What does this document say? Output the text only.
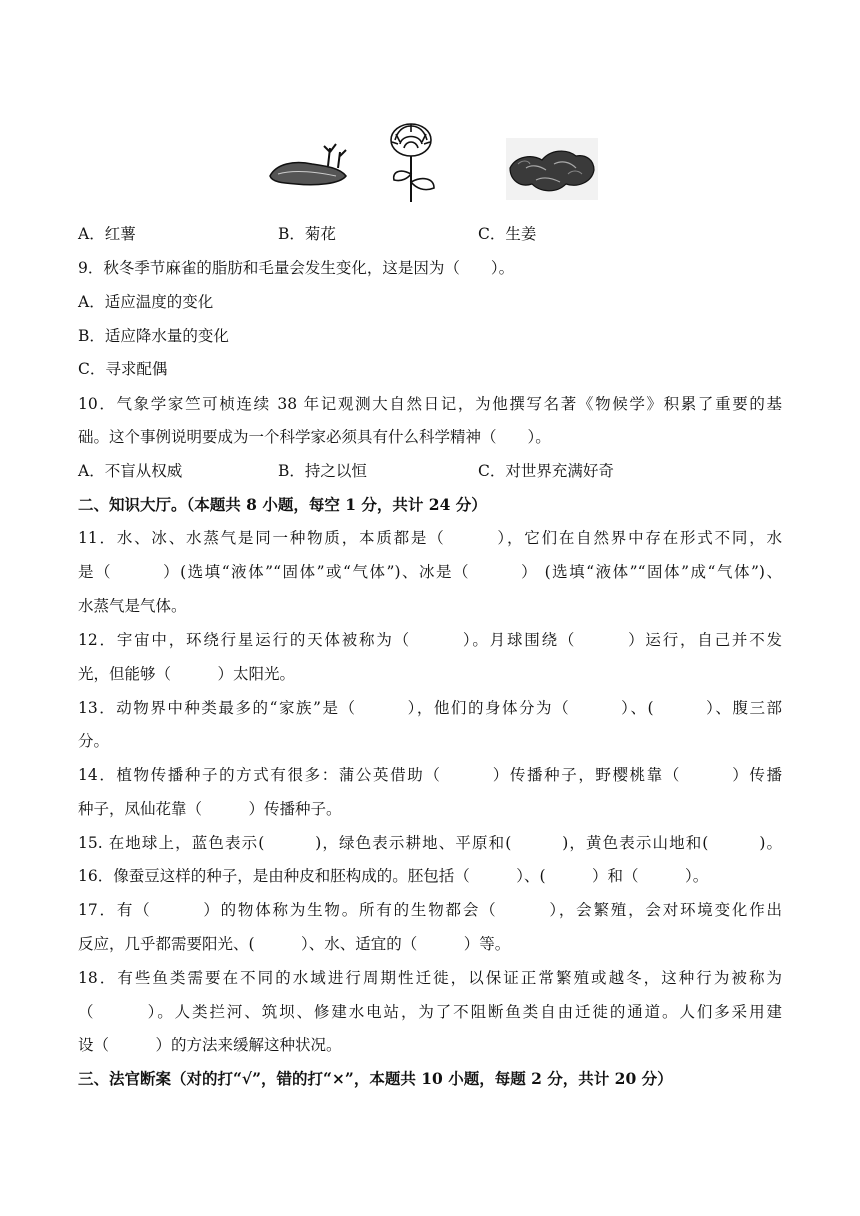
A．红薯	B．菊花	C．生姜
9．秋冬季节麻雀的脂肪和毛量会发生变化，这是因为（　　）。
A．适应温度的变化
B．适应降水量的变化
C．寻求配偶
10．气象学家竺可桢连续 38 年记观测大自然日记，为他撰写名著《物候学》积累了重要的基
础。这个事例说明要成为一个科学家必须具有什么科学精神（　　）。
A．不盲从权威	B．持之以恒	C．对世界充满好奇
二、知识大厅。（本题共 8 小题，每空 1 分，共计 24 分）
11．水、冰、水蒸气是同一种物质，本质都是（　　　），它们在自然界中存在形式不同，水
是（　　　）(选填“液体”“固体”或“气体”)、冰是（　　　） (选填“液体”“固体”成“气体”)、
水蒸气是气体。
12．宇宙中，环绕行星运行的天体被称为（　　　）。月球围绕（　　　）运行，自己并不发
光，但能够（　　　）太阳光。
13．动物界中种类最多的“家族”是（　　　），他们的身体分为（　　　）、(　　　）、腹三部
分。
14．植物传播种子的方式有很多：蒲公英借助（　　　）传播种子，野樱桃靠（　　　）传播
种子，凤仙花靠（　　　）传播种子。
15. 在地球上，蓝色表示(　　　)，绿色表示耕地、平原和(　　　)，黄色表示山地和(　　　)。
16．像蚕豆这样的种子，是由种皮和胚构成的。胚包括（　　　）、(　　　）和（　　　）。
17．有（　　　）的物体称为生物。所有的生物都会（　　　），会繁殖，会对环境变化作出
反应，几乎都需要阳光、(　　　）、水、适宜的（　　　）等。
18．有些鱼类需要在不同的水域进行周期性迁徙，以保证正常繁殖或越冬，这种行为被称为
（　　　）。人类拦河、筑坝、修建水电站，为了不阻断鱼类自由迁徙的通道。人们多采用建
设（　　　）的方法来缓解这种状况。
三、法官断案（对的打“√”，错的打“×”，本题共 10 小题，每题 2 分，共计 20 分）
